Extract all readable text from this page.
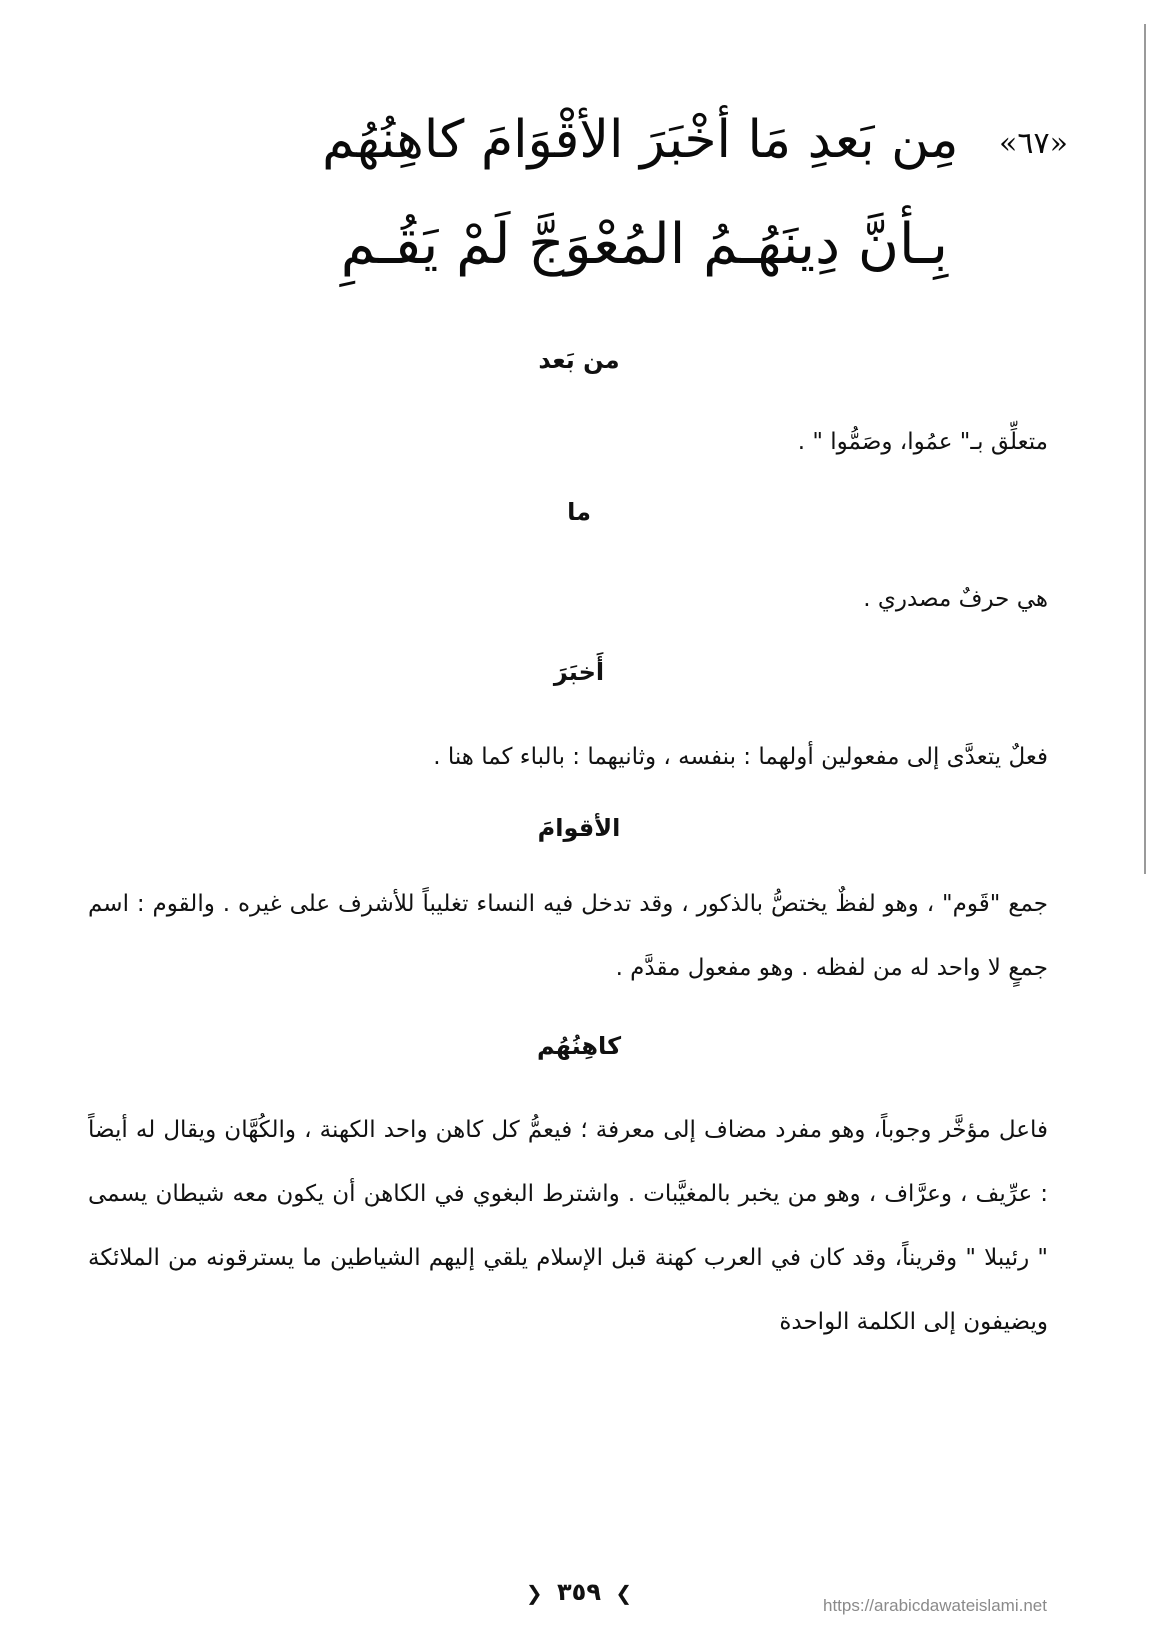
«٦٧» مِن بَعدِ مَا أخْبَرَ الأقْوَامَ كاهِنُهُم
بِـأنَّ دِينَهُـمُ المُعْوَجَّ لَمْ يَقُـمِ
من بَعد
متعلِّق بـ" عمُوا، وصَمُّوا " .
ما
هي حرفٌ مصدري .
أَخبَرَ
فعلٌ يتعدَّى إلى مفعولين أولهما : بنفسه ، وثانيهما : بالباء كما هنا .
الأقوامَ
جمع "قَوم" ، وهو لفظٌ يختصُّ بالذكور ، وقد تدخل فيه النساء تغليباً للأشرف على غيره . والقوم : اسم جمعٍ لا واحد له من لفظه . وهو مفعول مقدَّم .
كاهِنُهُم
فاعل مؤخَّر وجوباً، وهو مفرد مضاف إلى معرفة ؛ فيعمُّ كل كاهن واحد الكهنة ، والكُهَّان ويقال له أيضاً : عرِّيف ، وعرَّاف ، وهو من يخبر بالمغيَّبات . واشترط البغوي في الكاهن أن يكون معه شيطان يسمى " رئيبلا " وقريناً، وقد كان في العرب كهنة قبل الإسلام يلقي إليهم الشياطين ما يسترقونه من الملائكة ويضيفون إلى الكلمة الواحدة
❯ ٣٥٩ ❮
https://arabicdawateislami.net
